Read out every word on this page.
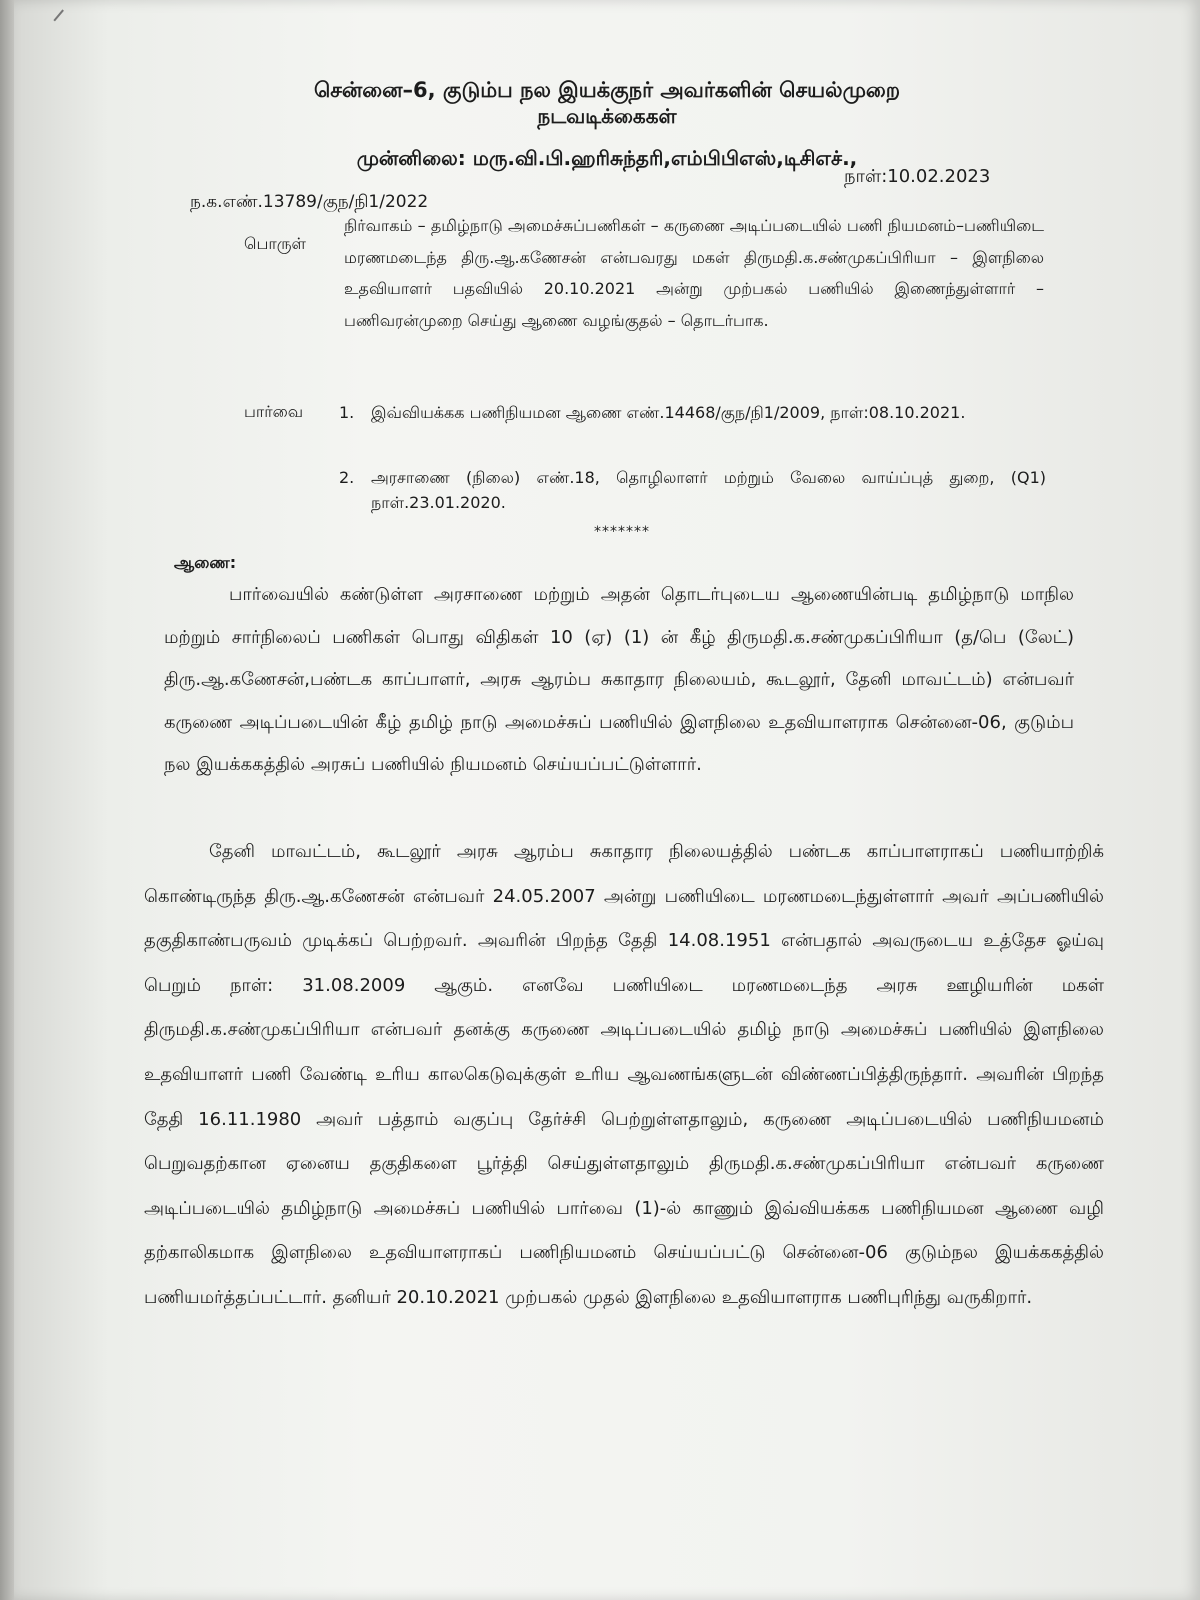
சென்னை–6, குடும்ப நல இயக்குநர் அவர்களின் செயல்முறை
நடவடிக்கைகள்
முன்னிலை: மரு.வி.பி.ஹரிசுந்தரி,எம்பிபிஎஸ்,டிசிஎச்.,
நாள்:10.02.2023
ந.க.எண்.13789/குந/நி1/2022
பொருள்
நிர்வாகம் – தமிழ்நாடு அமைச்சுப்பணிகள் – கருணை அடிப்படையில் பணி நியமனம்–பணியிடை மரணமடைந்த திரு.ஆ.கணேசன் என்பவரது மகள் திருமதி.க.சண்முகப்பிரியா – இளநிலை உதவியாளர் பதவியில் 20.10.2021 அன்று முற்பகல் பணியில் இணைந்துள்ளார் – பணிவரன்முறை செய்து ஆணை வழங்குதல் – தொடர்பாக.
பார்வை 1. இவ்வியக்கக பணிநியமன ஆணை எண்.14468/குந/நி1/2009, நாள்:08.10.2021.
2. அரசாணை (நிலை) எண்.18, தொழிலாளர் மற்றும் வேலை வாய்ப்புத் துறை, (Q1) நாள்.23.01.2020.
*******
ஆணை:
பார்வையில் கண்டுள்ள அரசாணை மற்றும் அதன் தொடர்புடைய ஆணையின்படி தமிழ்நாடு மாநில மற்றும் சார்நிலைப் பணிகள் பொது விதிகள் 10 (ஏ) (1) ன் கீழ் திருமதி.க.சண்முகப்பிரியா (த/பெ (லேட்) திரு.ஆ.கணேசன்,பண்டக காப்பாளர், அரசு ஆரம்ப சுகாதார நிலையம், கூடலூர், தேனி மாவட்டம்) என்பவர் கருணை அடிப்படையின் கீழ் தமிழ் நாடு அமைச்சுப் பணியில் இளநிலை உதவியாளராக சென்னை-06, குடும்ப நல இயக்ககத்தில் அரசுப் பணியில் நியமனம் செய்யப்பட்டுள்ளார்.
தேனி மாவட்டம், கூடலூர் அரசு ஆரம்ப சுகாதார நிலையத்தில் பண்டக காப்பாளராகப் பணியாற்றிக் கொண்டிருந்த திரு.ஆ.கணேசன் என்பவர் 24.05.2007 அன்று பணியிடை மரணமடைந்துள்ளார் அவர் அப்பணியில் தகுதிகாண்பருவம் முடிக்கப் பெற்றவர். அவரின் பிறந்த தேதி 14.08.1951 என்பதால் அவருடைய உத்தேச ஓய்வு பெறும் நாள்: 31.08.2009 ஆகும். எனவே பணியிடை மரணமடைந்த அரசு ஊழியரின் மகள் திருமதி.க.சண்முகப்பிரியா என்பவர் தனக்கு கருணை அடிப்படையில் தமிழ் நாடு அமைச்சுப் பணியில் இளநிலை உதவியாளர் பணி வேண்டி உரிய காலகெடுவுக்குள் உரிய ஆவணங்களுடன் விண்ணப்பித்திருந்தார். அவரின் பிறந்த தேதி 16.11.1980 அவர் பத்தாம் வகுப்பு தேர்ச்சி பெற்றுள்ளதாலும், கருணை அடிப்படையில் பணிநியமனம் பெறுவதற்கான ஏனைய தகுதிகளை பூர்த்தி செய்துள்ளதாலும் திருமதி.க.சண்முகப்பிரியா என்பவர் கருணை அடிப்படையில் தமிழ்நாடு அமைச்சுப் பணியில் பார்வை (1)-ல் காணும் இவ்வியக்கக பணிநியமன ஆணை வழி தற்காலிகமாக இளநிலை உதவியாளராகப் பணிநியமனம் செய்யப்பட்டு சென்னை-06 குடும்நல இயக்ககத்தில் பணியமர்த்தப்பட்டார். தனியர் 20.10.2021 முற்பகல் முதல் இளநிலை உதவியாளராக பணிபுரிந்து வருகிறார்.
